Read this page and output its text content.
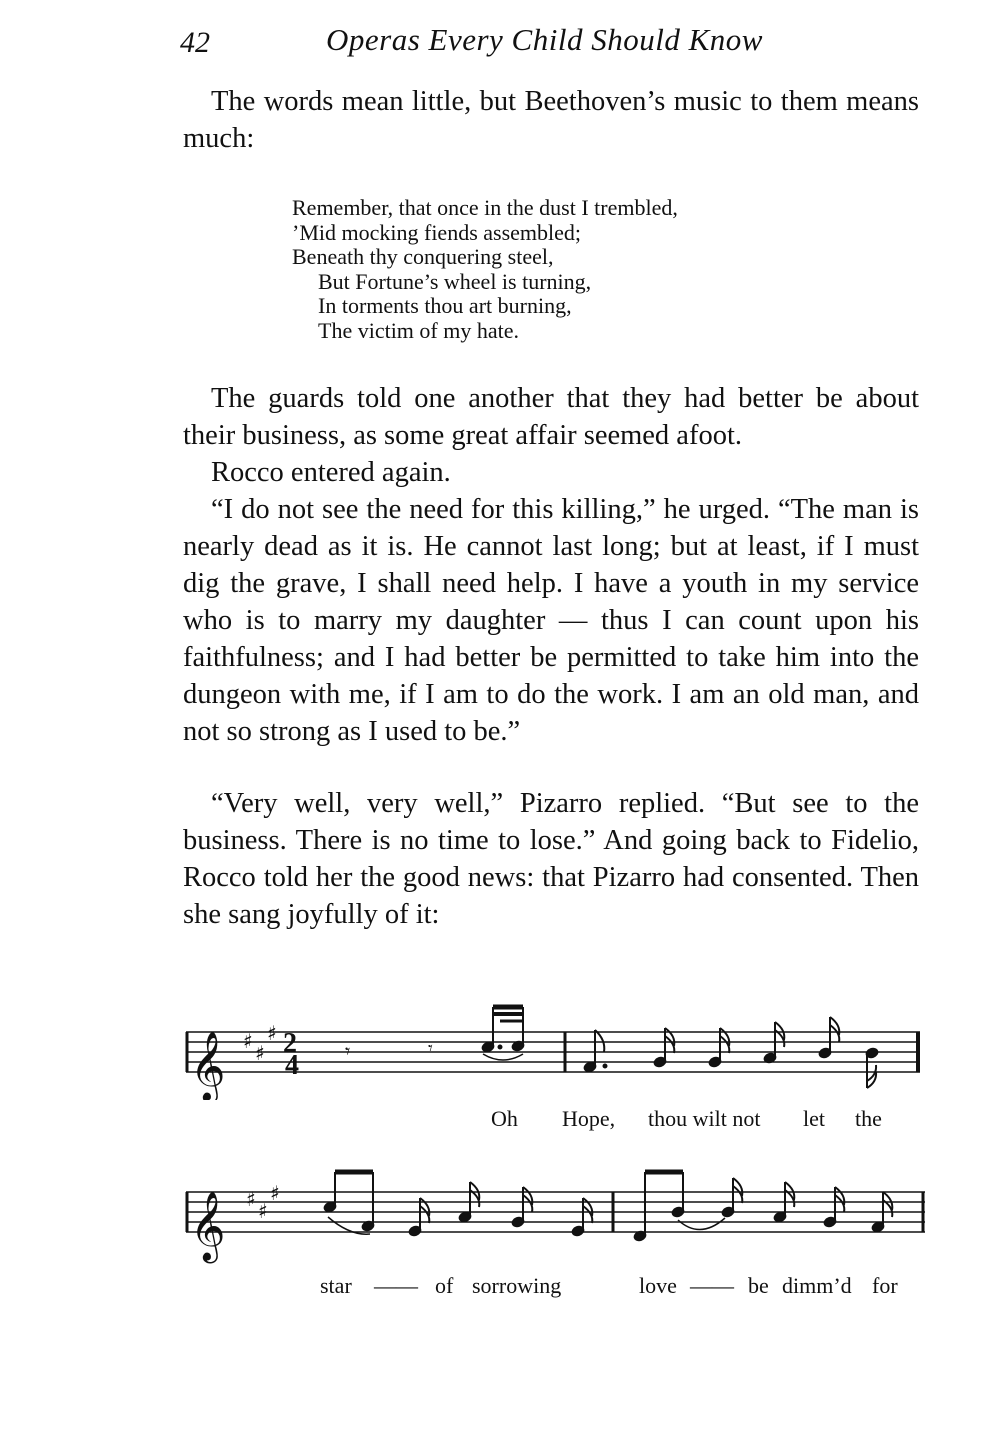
42	Operas Every Child Should Know

The words mean little, but Beethoven’s music to them means much:

Remember, that once in the dust I trembled,
’Mid mocking fiends assembled;
Beneath thy conquering steel,
But Fortune’s wheel is turning,
In torments thou art burning,
The victim of my hate.

The guards told one another that they had better be about their business, as some great affair seemed afoot.

Rocco entered again.

“I do not see the need for this killing,” he urged. “The man is nearly dead as it is. He cannot last long; but at least, if I must dig the grave, I shall need help. I have a youth in my service who is to marry my daughter — thus I can count upon his faithfulness; and I had better be permitted to take him into the dungeon with me, if I am to do the work. I am an old man, and not so strong as I used to be.”

“Very well, very well,” Pizarro replied. “But see to the business. There is no time to lose.” And going back to Fidelio, Rocco told her the good news: that Pizarro had consented. Then she sang joyfully of it:

𝄞 ♯ ♯
♯ 2
4 𝄾	𝄾
Oh Hope, thou wilt not let the
𝄞 ♯ ♯
♯
star —— of sorrowing	love —— be dimm’d for
